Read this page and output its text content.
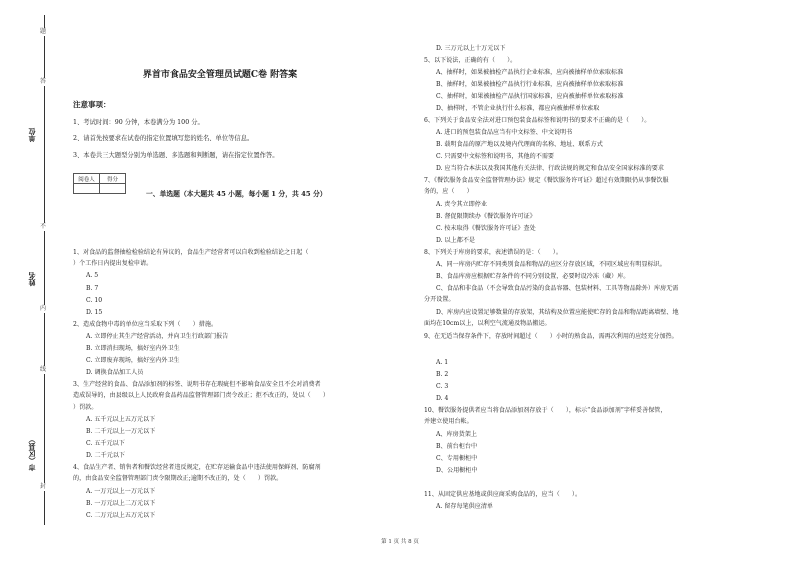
题
答
不
内
线
封
单位
姓名
市（区县）
界首市食品安全管理员试题C卷 附答案
注意事项：
1、考试时间：90 分钟，本卷满分为 100 分。
2、请首先按要求在试卷的指定位置填写您的姓名、单位等信息。
3、本卷共三大题型分别为单选题、多选题和判断题，请在指定位置作答。
阅卷人	得分

一、单选题（本大题共 45 小题，每小题 1 分，共 45 分）
1、对食品的监督抽检检验结论有异议的，食品生产经营者可以自收到检验结论之日起（
）个工作日内提出复检申请。
A. 5
B. 7
C. 10
D. 15
2、造成食物中毒的单位应当采取下列（　　）措施。
A. 立即停止其生产经营活动，并向卫生行政部门报告
B. 立即消扫现场，搞好室内外卫生
C. 立即废弃现场，搞好室内外卫生
D. 调换食品加工人员
3、生产经营的食品、食品添加剂的标签、说明书存在瑕疵但不影响食品安全且不会对消费者
造成误导的，由县级以上人民政府食品药品监督管理部门责令改正；拒不改正的，处以（　　）
）罚款。
A. 五千元以上五万元以下
B. 二千元以上一万元以下
C. 五千元以下
D. 二千元以下
4、食品生产者、销售者和餐饮经营者违反规定，在贮存运输食品中违法使用保鲜剂、防腐剂
的，由食品安全监督管理部门责令限期改正;逾期不改正的，处（　　）罚款。
A. 一万元以上一万元以下
B. 一万元以上二万元以下
C. 二万元以上五万元以下
D. 三万元以上十万元以下
5、以下说法，正确的有（　　）。
A、抽样时，如果被抽检产品执行企业标准，应向被抽样单位索取标准
B、抽样时，如果被抽检产品执行行业标准，应向被抽样单位索取标准
C、抽样时，如果被抽检产品执行国家标准，应向被抽样单位索取标准
D、抽样时，不管企业执行什么标准，都应向被抽样单位索取
6、下列关于食品安全法对进口预包装食品标签和说明书的要求不正确的是（　　）。
A. 进口的预包装食品应当有中文标签、中文说明书
B. 载明食品的原产地以及境内代理商的名称、地址、联系方式
C. 只需要中文标签和说明书，其他的不需要
D. 应当符合本法以及我国其他有关法律、行政法规的规定和食品安全国家标准的要求
7、《餐饮服务食品安全监督管理办法》规定《餐饮服务许可证》超过有效期限仍从事餐饮服
务的，应（　　）
A. 责令其立即停业
B. 督促限期续办《餐饮服务许可证》
C. 按未取得《餐饮服务许可证》查处
D. 以上都不是
8、下列关于库房的要求，表述错误的是：（　　）。
A、同一库房内贮存不同类别食品和物品的应区分存放区域，不同区域应有明显标识。
B、食品库房应根据贮存条件的不同分别设置，必要时设冷冻（藏）库。
C、食品和非食品（不会导致食品污染的食品容器、包装材料、工具等物品除外）库房无需
分开设置。
D、库房内应设置足够数量的存放架，其结构及位置应能使贮存的食品和物品距离墙壁、地
面均在10cm以上，以利空气流通及物品搬运。
9、在无适当保存条件下，存放时间超过（　　）小时的熟食品，需再次利用的应经充分加热。
A. 1
B. 2
C. 3
D. 4
10、餐饮服务提供者应当将食品添加剂存放于（　　），标示“食品添加剂”字样妥善保管，
并建立使用台帐。
A、库房货架上
B、前台柜台中
C、专用橱柜中
D、公用橱柜中
11、从固定供应基地或供应商采购食品的，应当（　　）。
A. 留存每笔供应清单
第 1 页 共 8 页
